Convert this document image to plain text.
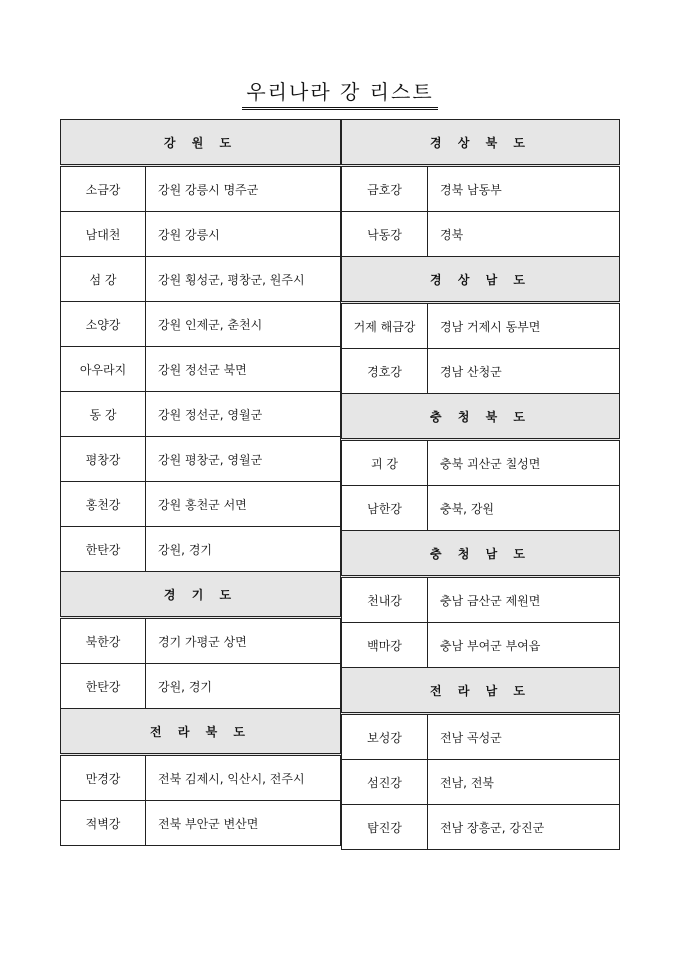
우리나라 강 리스트
강 원 도	
소금강	강원 강릉시 명주군
남대천	강원 강릉시
섬 강	강원 횡성군, 평창군, 원주시
소양강	강원 인제군, 춘천시
아우라지	강원 정선군 북면
동 강	강원 정선군, 영월군
평창강	강원 평창군, 영월군
홍천강	강원 홍천군 서면
한탄강	강원, 경기
경 기 도	
북한강	경기 가평군 상면
한탄강	강원, 경기
전 라 북 도	
만경강	전북 김제시, 익산시, 전주시
적벽강	전북 부안군 변산면
경 상 북 도	
금호강	경북 남동부
낙동강	경북
경 상 남 도	
거제 해금강	경남 거제시 동부면
경호강	경남 산청군
충 청 북 도	
괴 강	충북 괴산군 칠성면
남한강	충북, 강원
충 청 남 도	
천내강	충남 금산군 제원면
백마강	충남 부여군 부여읍
전 라 남 도	
보성강	전남 곡성군
섬진강	전남, 전북
탐진강	전남 장흥군, 강진군
